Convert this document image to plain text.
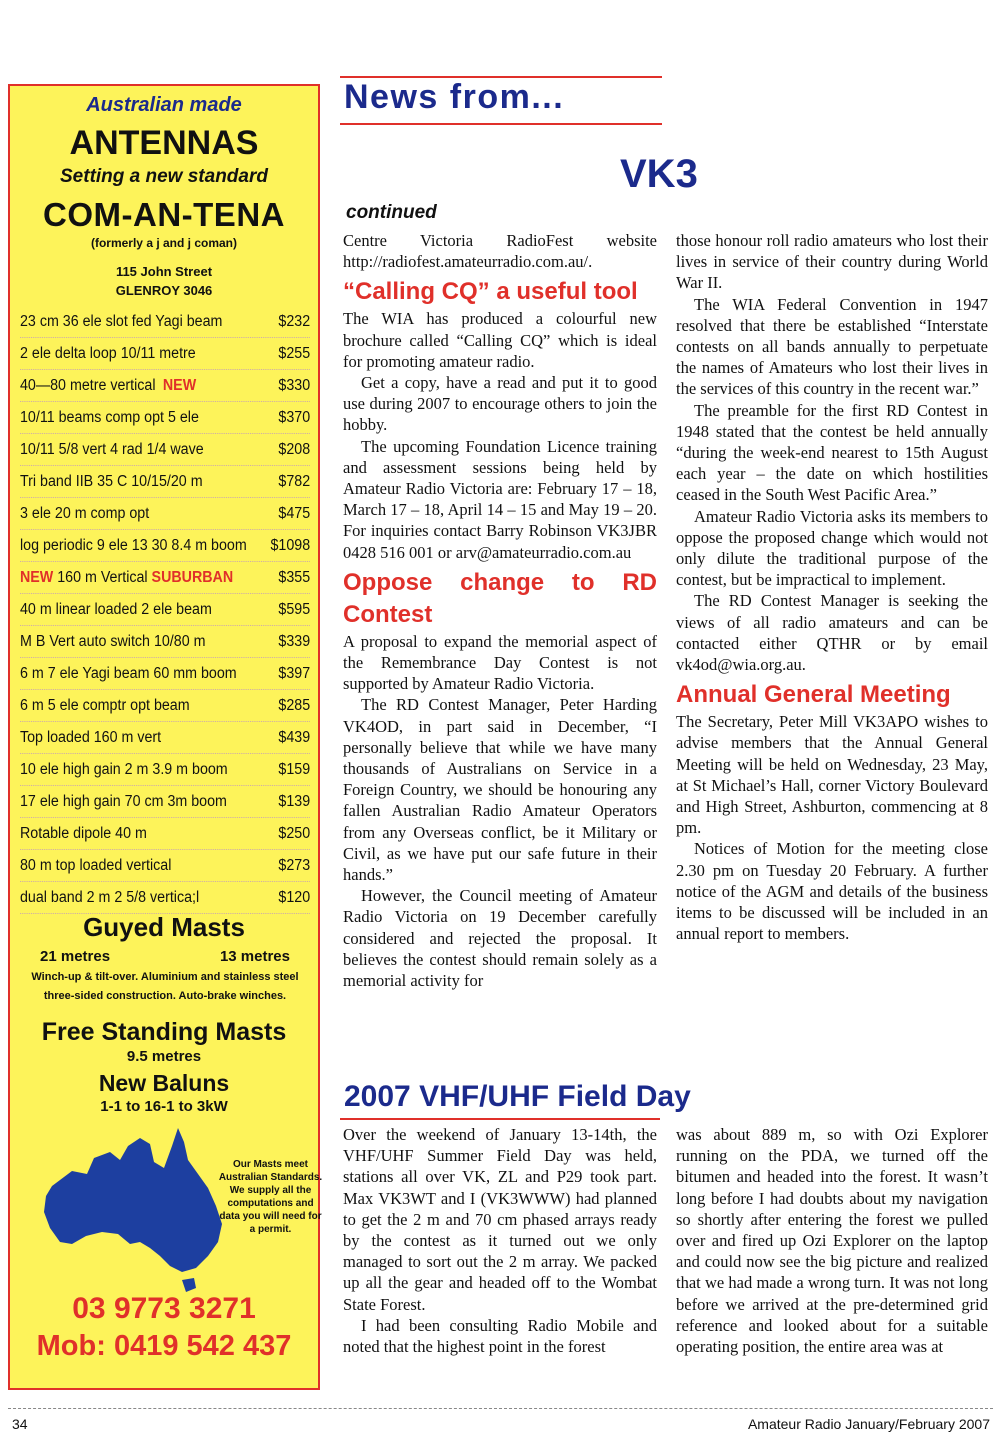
Australian made
ANTENNAS
Setting a new standard
COM-AN-TENA
(formerly a j and j coman)
115 John Street
GLENROY 3046
23 cm 36 ele slot fed Yagi beam	$232
2 ele delta loop 10/11 metre	$255
40—80 metre vertical NEW	$330
10/11 beams comp opt 5 ele	$370
10/11 5/8 vert 4 rad 1/4 wave	$208
Tri band IIB 35 C 10/15/20 m	$782
3 ele 20 m comp opt	$475
log periodic 9 ele 13 30 8.4 m boom $1098
NEW 160 m Vertical SUBURBAN	$355
40 m linear loaded 2 ele beam	$595
M B Vert auto switch 10/80 m	$339
6 m 7 ele Yagi beam 60 mm boom	$397
6 m 5 ele comptr opt beam	$285
Top loaded 160 m vert	$439
10 ele high gain 2 m 3.9 m boom	$159
17 ele high gain 70 cm 3m boom	$139
Rotable dipole 40 m	$250
80 m top loaded vertical	$273
dual band 2 m 2 5/8 vertica;l	$120
Guyed Masts
21 metres	13 metres
Winch-up & tilt-over. Aluminium and stainless steel three-sided construction. Auto-brake winches.
Free Standing Masts
9.5 metres
New Baluns
1-1 to 16-1 to 3kW
Our Masts meet Australian Standards. We supply all the computations and data you will need for a permit.
03 9773 3271
Mob: 0419 542 437
News from...
VK3
continued

Centre Victoria RadioFest website http://radiofest.amateurradio.com.au/.

“Calling CQ” a useful tool

The WIA has produced a colourful new brochure called “Calling CQ” which is ideal for promoting amateur radio.

Get a copy, have a read and put it to good use during 2007 to encourage others to join the hobby.

The upcoming Foundation Licence training and assessment sessions being held by Amateur Radio Victoria are: February 17 – 18, March 17 – 18, April 14 – 15 and May 19 – 20. For inquiries contact Barry Robinson VK3JBR 0428 516 001 or arv@amateurradio.com.au

Oppose change to RD Contest

A proposal to expand the memorial aspect of the Remembrance Day Contest is not supported by Amateur Radio Victoria.

The RD Contest Manager, Peter Harding VK4OD, in part said in December, “I personally believe that while we have many thousands of Australians on Service in a Foreign Country, we should be honouring any fallen Australian Radio Amateur Operators from any Overseas conflict, be it Military or Civil, as we have put our safe future in their hands.”

However, the Council meeting of Amateur Radio Victoria on 19 December carefully considered and rejected the proposal. It believes the contest should remain solely as a memorial activity for

those honour roll radio amateurs who lost their lives in service of their country during World War II.

The WIA Federal Convention in 1947 resolved that there be established “Interstate contests on all bands annually to perpetuate the names of Amateurs who lost their lives in the services of this country in the recent war.”

The preamble for the first RD Contest in 1948 stated that the contest be held annually “during the week-end nearest to 15th August each year – the date on which hostilities ceased in the South West Pacific Area.”

Amateur Radio Victoria asks its members to oppose the proposed change which would not only dilute the traditional purpose of the contest, but be impractical to implement.

The RD Contest Manager is seeking the views of all radio amateurs and can be contacted either QTHR or by email vk4od@wia.org.au.

Annual General Meeting

The Secretary, Peter Mill VK3APO wishes to advise members that the Annual General Meeting will be held on Wednesday, 23 May, at St Michael’s Hall, corner Victory Boulevard and High Street, Ashburton, commencing at 8 pm.

Notices of Motion for the meeting close 2.30 pm on Tuesday 20 February. A further notice of the AGM and details of the business items to be discussed will be included in an annual report to members.

2007 VHF/UHF Field Day

Over the weekend of January 13-14th, the VHF/UHF Summer Field Day was held, stations all over VK, ZL and P29 took part. Max VK3WT and I (VK3WWW) had planned to get the 2 m and 70 cm phased arrays ready by the contest as it turned out we only managed to sort out the 2 m array. We packed up all the gear and headed off to the Wombat State Forest.

I had been consulting Radio Mobile and noted that the highest point in the forest

was about 889 m, so with Ozi Explorer running on the PDA, we turned off the bitumen and headed into the forest. It wasn’t long before I had doubts about my navigation so shortly after entering the forest we pulled over and fired up Ozi Explorer on the laptop and could now see the big picture and realized that we had made a wrong turn. It was not long before we arrived at the pre-determined grid reference and looked about for a suitable operating position, the entire area was at

34	Amateur Radio January/February 2007
